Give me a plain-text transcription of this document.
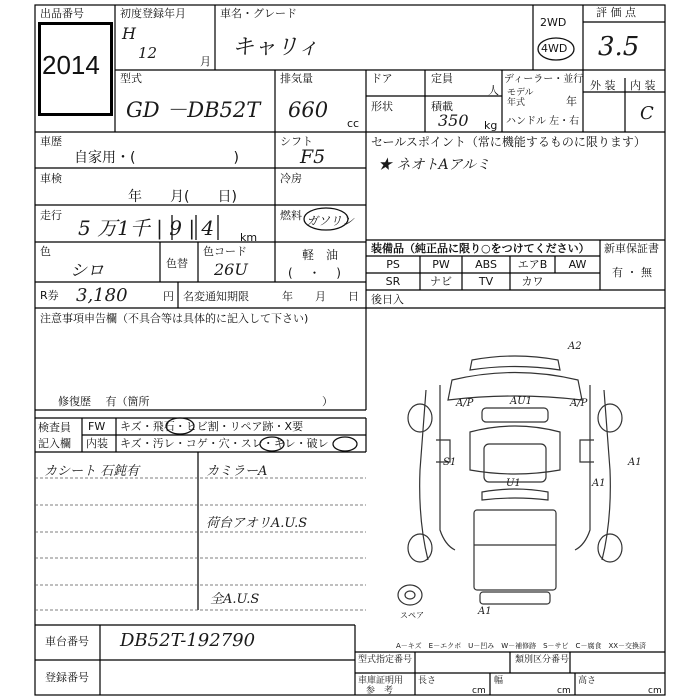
出品番号
2014
初度登録年月
H
12	月
車名・グレード
キャリィ
2WD
4WD
評 価 点
3.5
型式
GD －DB52T
排気量
660
cc
ドア	定員
人
ディーラー・並行
形状	積載
350 kg
モデル
年式	年
ハンドル 左・右
外 装 内 装
C
車歴
自家用・(　　　　　　　)
シフト
F5
車検
年　　月(　　日)
冷房
走行
5 万1千 | 9 | 4 km
燃料 ガソリン
軽　油
(　 ・　 )
色
シロ	色替
色コード
26U
R券 3,180	円 名変通知期限	年　　月　　日
セールスポイント（常に機能するものに限ります）
★ ネオトAアルミ
装備品（純正品に限り○をつけてください） 新車保証書
有 ・ 無
PS	PW	ABS	エアB	AW
SR	ナビ	TV	カワ
後日入
注意事項申告欄（不具合等は具体的に記入して下さい)
修復歴　 有（箇所	）
検査員
記入欄
FW キズ・飛石・ヒビ割・リペア跡・X要
内装 キズ・汚レ・コゲ・穴・スレ・キレ・破レ
カシート 石鈍有	カミラーA
荷台アオリA.U.S
全A.U.S
A2
A/P	AU1	A/P
S1
U1
A1
A1
A1
スペア
A－キズ　E－エクボ　U－凹み　W－補修跡　S－サビ　C－腐食　XX－交換済
車台番号 DB52T-192790
登録番号
型式指定番号	類別区分番号
車庫証明用
参　考
長さ
cm
幅
cm
高さ
cm
